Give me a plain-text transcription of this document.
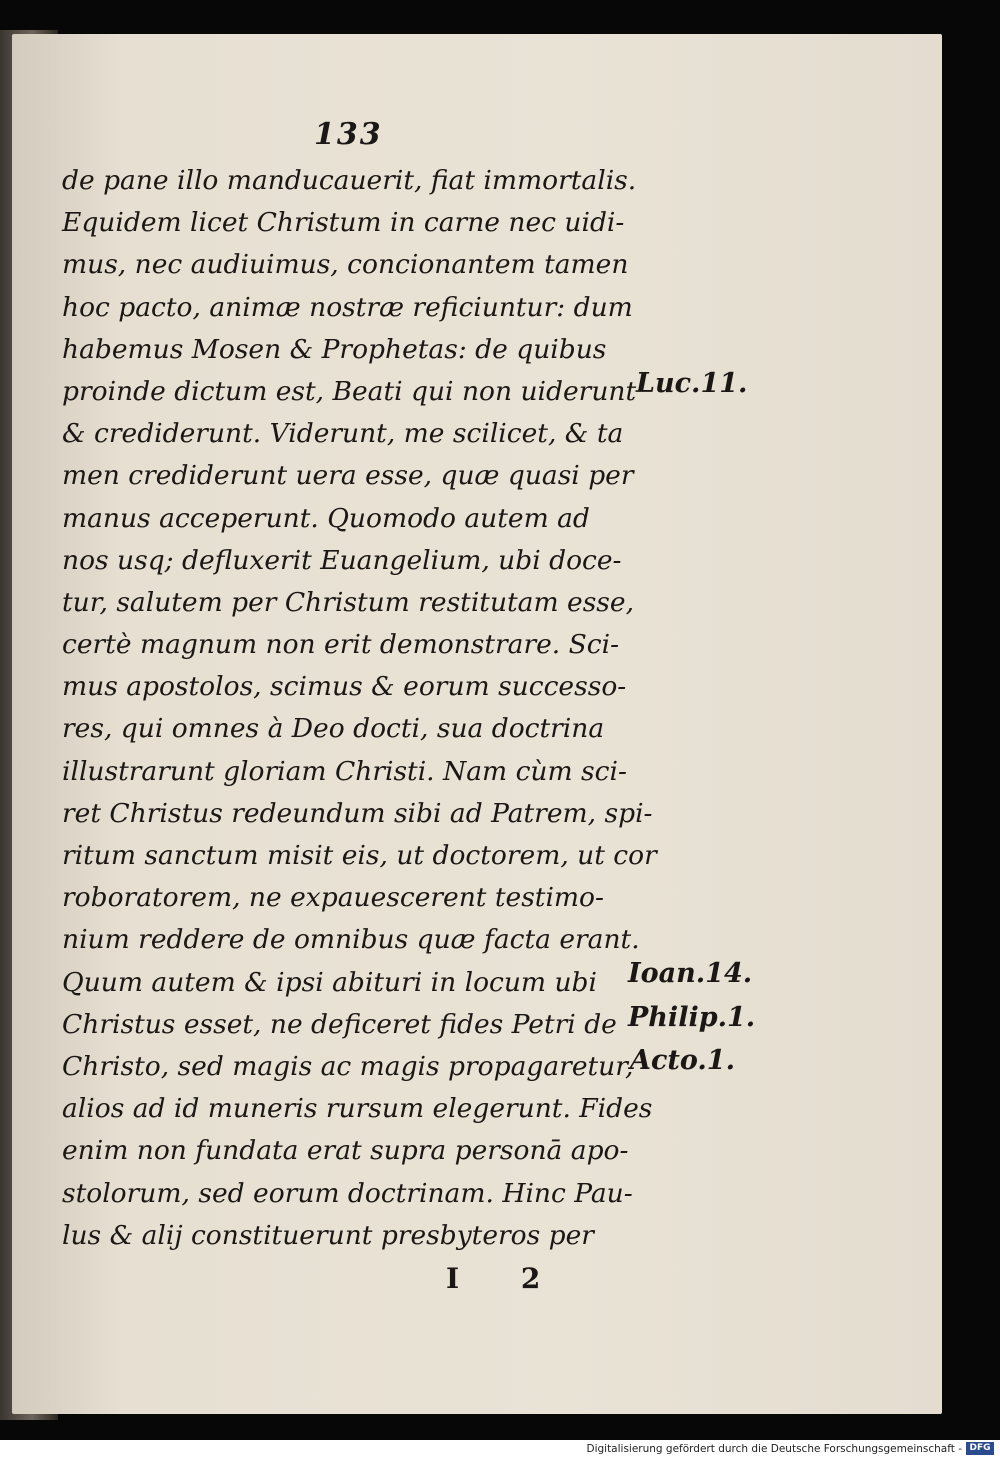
133
de pane illo manducauerit, fiat immortalis.
Equidem licet Christum in carne nec uidi-
mus, nec audiuimus, concionantem tamen
hoc pacto, animæ nostræ reficiuntur: dum
habemus Mosen & Prophetas: de quibus
proinde dictum est, Beati qui non uiderunt
& crediderunt. Viderunt, me scilicet, & ta
men crediderunt uera esse, quæ quasi per
manus acceperunt. Quomodo autem ad
nos usq; defluxerit Euangelium, ubi doce-
tur, salutem per Christum restitutam esse,
certè magnum non erit demonstrare. Sci-
mus apostolos, scimus & eorum successo-
res, qui omnes à Deo docti, sua doctrina
illustrarunt gloriam Christi. Nam cùm sci-
ret Christus redeundum sibi ad Patrem, spi-
ritum sanctum misit eis, ut doctorem, ut cor
roboratorem, ne expauescerent testimo-
nium reddere de omnibus quæ facta erant.
Quum autem & ipsi abituri in locum ubi
Christus esset, ne deficeret fides Petri de
Christo, sed magis ac magis propagaretur,
alios ad id muneris rursum elegerunt. Fides
enim non fundata erat supra personā apo-
stolorum, sed eorum doctrinam. Hinc Pau-
lus & alij constituerunt presbyteros per
Luc.11.
Ioan.14.
Philip.1.
Acto.1.
I 2
Digitalisierung gefördert durch die Deutsche Forschungsgemeinschaft - DFG
